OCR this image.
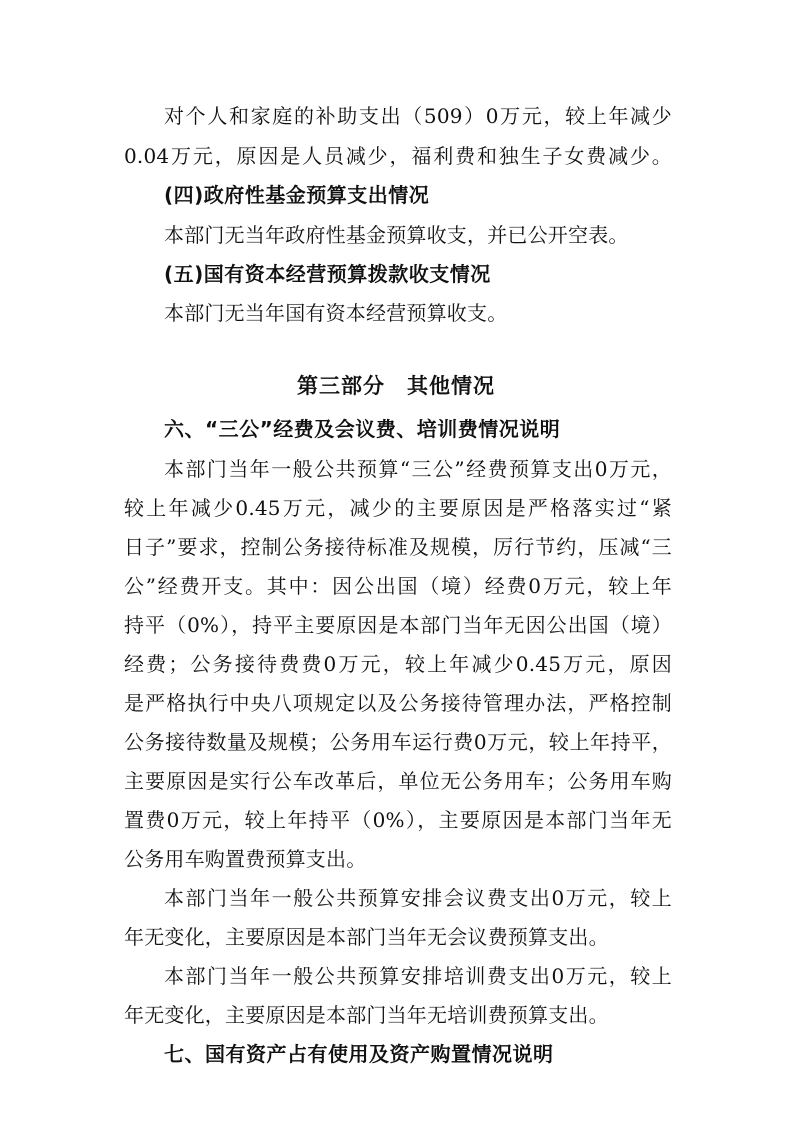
对个人和家庭的补助支出（509）0万元，较上年减少
0.04万元，原因是人员减少，福利费和独生子女费减少。
(四)政府性基金预算支出情况
本部门无当年政府性基金预算收支，并已公开空表。
(五)国有资本经营预算拨款收支情况
本部门无当年国有资本经营预算收支。
第三部分　其他情况
六、“三公”经费及会议费、培训费情况说明
本部门当年一般公共预算“三公”经费预算支出0万元，
较上年减少0.45万元，减少的主要原因是严格落实过“紧
日子”要求，控制公务接待标准及规模，厉行节约，压减“三
公”经费开支。其中：因公出国（境）经费0万元，较上年
持平（0%），持平主要原因是本部门当年无因公出国（境）
经费；公务接待费费0万元，较上年减少0.45万元，原因
是严格执行中央八项规定以及公务接待管理办法，严格控制
公务接待数量及规模；公务用车运行费0万元，较上年持平，
主要原因是实行公车改革后，单位无公务用车；公务用车购
置费0万元，较上年持平（0%），主要原因是本部门当年无
公务用车购置费预算支出。
本部门当年一般公共预算安排会议费支出0万元，较上
年无变化，主要原因是本部门当年无会议费预算支出。
本部门当年一般公共预算安排培训费支出0万元，较上
年无变化，主要原因是本部门当年无培训费预算支出。
七、国有资产占有使用及资产购置情况说明
